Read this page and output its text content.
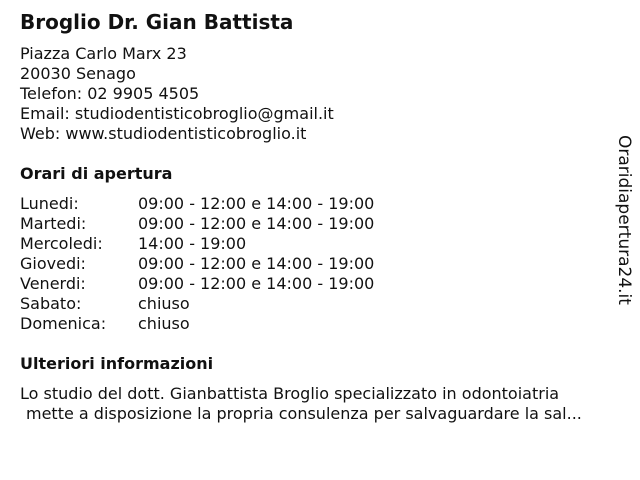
Broglio Dr. Gian Battista
Piazza Carlo Marx 23
20030 Senago
Telefon: 02 9905 4505
Email: studiodentisticobroglio@gmail.it
Web: www.studiodentisticobroglio.it
Orari di apertura
Lunedi:	09:00 - 12:00 e 14:00 - 19:00
Martedi:	09:00 - 12:00 e 14:00 - 19:00
Mercoledi: 14:00 - 19:00
Giovedi:	09:00 - 12:00 e 14:00 - 19:00
Venerdi:	09:00 - 12:00 e 14:00 - 19:00
Sabato:	chiuso
Domenica: chiuso
Ulteriori informazioni
Lo studio del dott. Gianbattista Broglio specializzato in odontoiatria
mette a disposizione la propria consulenza per salvaguardare la sal...
Oraridiapertura24.it
